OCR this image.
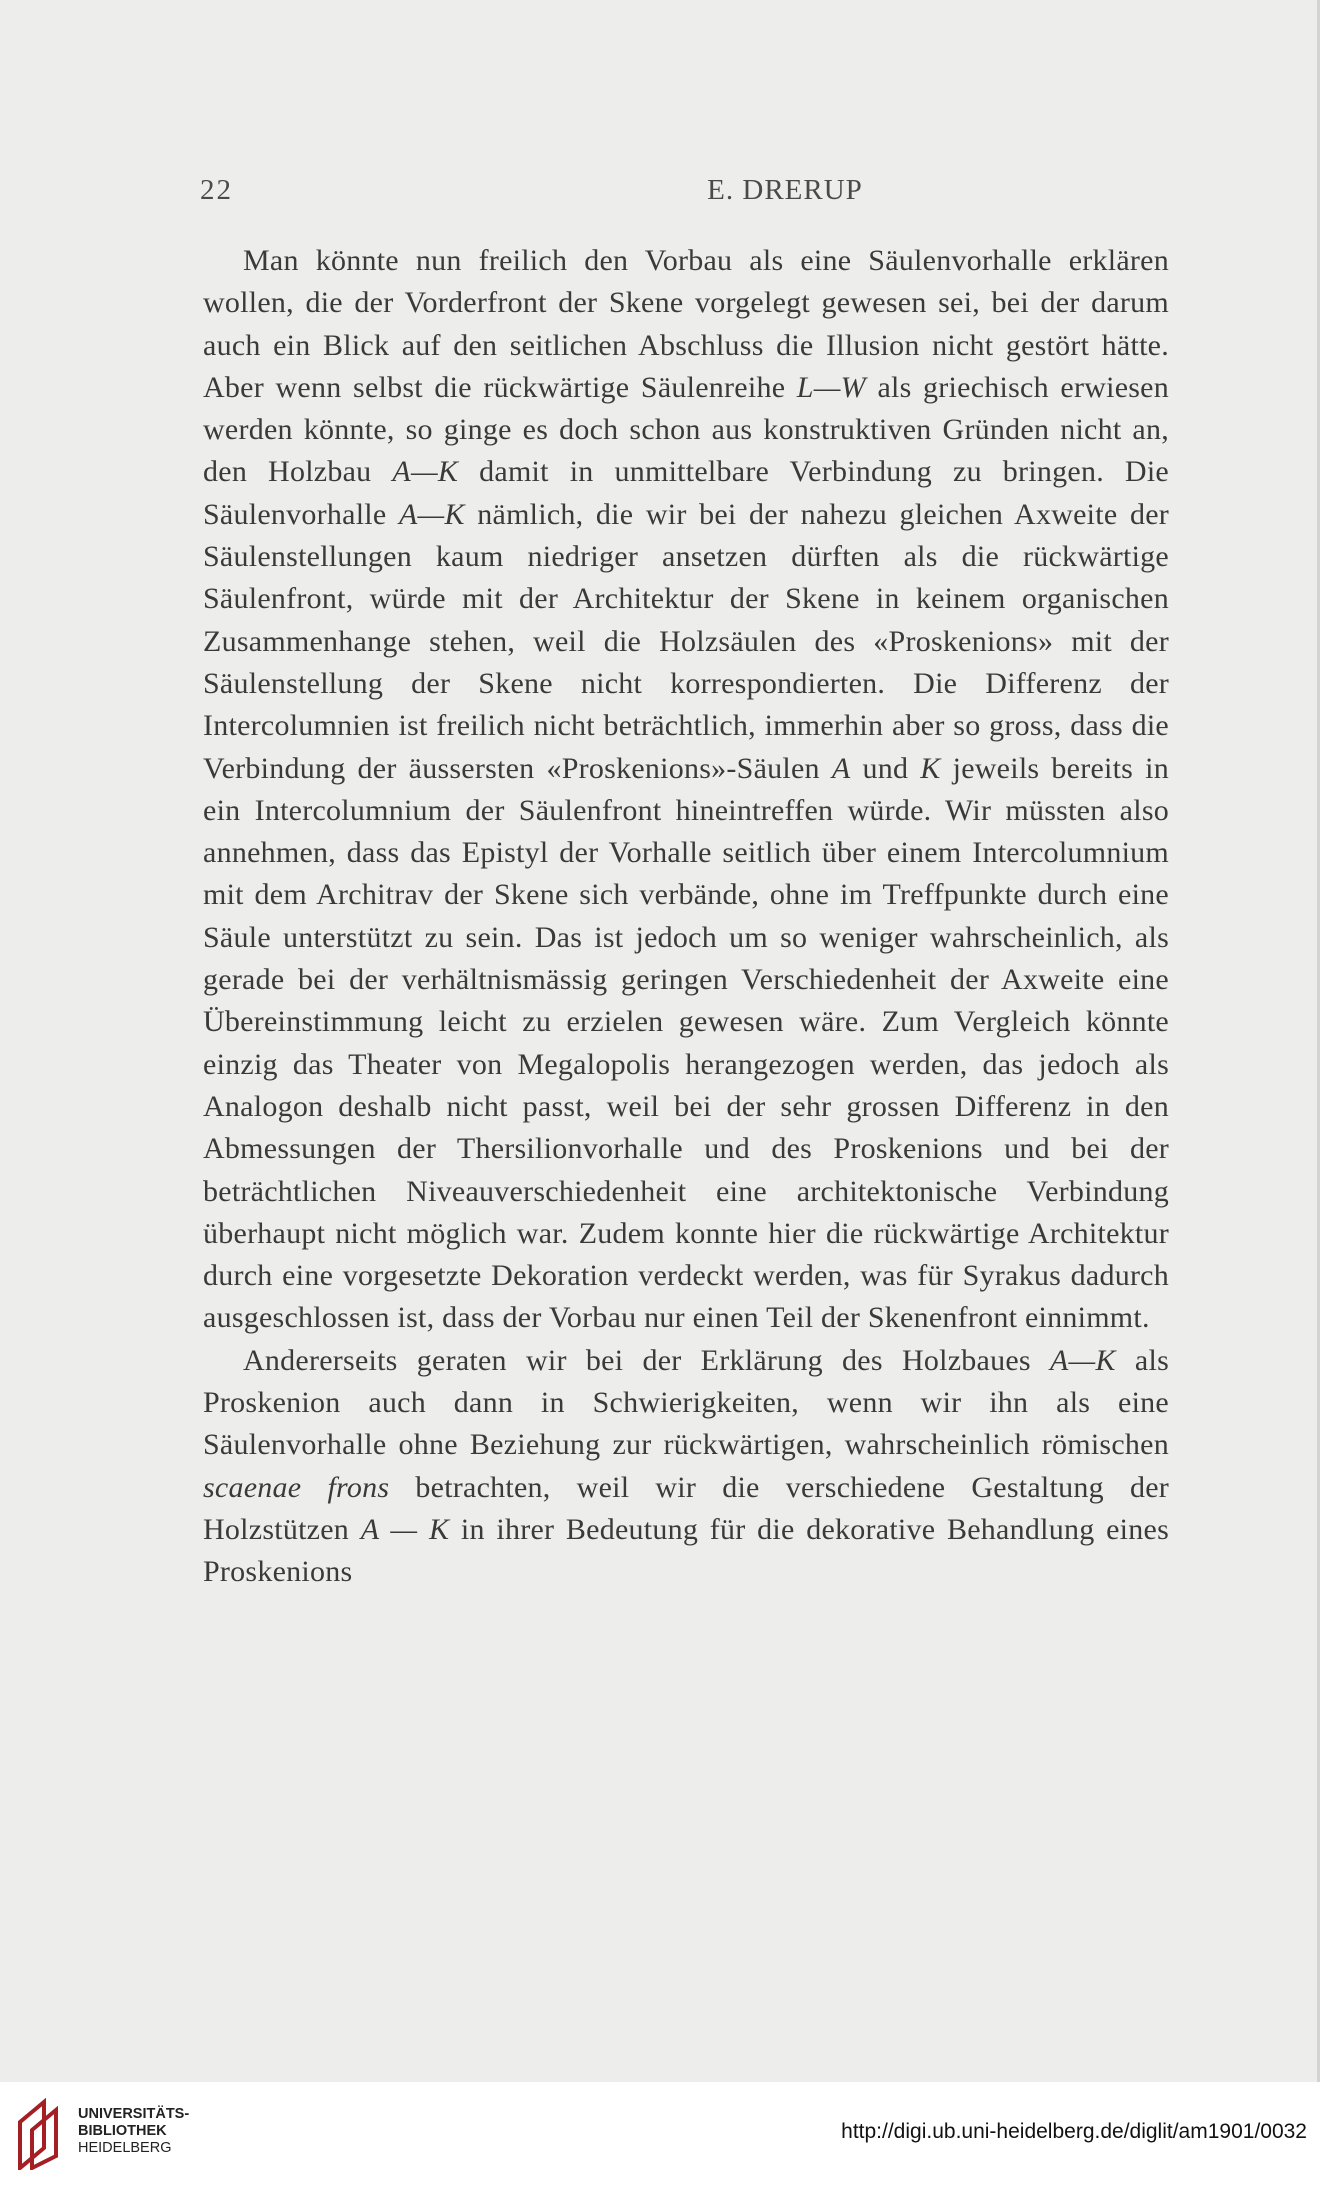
22	E. DRERUP

Man könnte nun freilich den Vorbau als eine Säulenvorhalle erklären wollen, die der Vorderfront der Skene vorgelegt gewesen sei, bei der darum auch ein Blick auf den seitlichen Abschluss die Illusion nicht gestört hätte. Aber wenn selbst die rückwärtige Säulenreihe L—W als griechisch erwiesen werden könnte, so ginge es doch schon aus konstruktiven Gründen nicht an, den Holzbau A—K damit in unmittelbare Verbindung zu bringen. Die Säulenvorhalle A—K nämlich, die wir bei der nahezu gleichen Axweite der Säulenstellungen kaum niedriger ansetzen dürften als die rückwärtige Säulenfront, würde mit der Architektur der Skene in keinem organischen Zusammenhange stehen, weil die Holzsäulen des «Proskenions» mit der Säulenstellung der Skene nicht korrespondierten. Die Differenz der Intercolumnien ist freilich nicht beträchtlich, immerhin aber so gross, dass die Verbindung der äussersten «Proskenions»-Säulen A und K jeweils bereits in ein Intercolumnium der Säulenfront hineintreffen würde. Wir müssten also annehmen, dass das Epistyl der Vorhalle seitlich über einem Intercolumnium mit dem Architrav der Skene sich verbände, ohne im Treffpunkte durch eine Säule unterstützt zu sein. Das ist jedoch um so weniger wahrscheinlich, als gerade bei der verhältnismässig geringen Verschiedenheit der Axweite eine Übereinstimmung leicht zu erzielen gewesen wäre. Zum Vergleich könnte einzig das Theater von Megalopolis herangezogen werden, das jedoch als Analogon deshalb nicht passt, weil bei der sehr grossen Differenz in den Abmessungen der Thersilionvorhalle und des Proskenions und bei der beträchtlichen Niveauverschiedenheit eine architektonische Verbindung überhaupt nicht möglich war. Zudem konnte hier die rückwärtige Architektur durch eine vorgesetzte Dekoration verdeckt werden, was für Syrakus dadurch ausgeschlossen ist, dass der Vorbau nur einen Teil der Skenenfront einnimmt.

Andererseits geraten wir bei der Erklärung des Holzbaues A—K als Proskenion auch dann in Schwierigkeiten, wenn wir ihn als eine Säulenvorhalle ohne Beziehung zur rückwärtigen, wahrscheinlich römischen scaenae frons betrachten, weil wir die verschiedene Gestaltung der Holzstützen A — K in ihrer Bedeutung für die dekorative Behandlung eines Proskenions

UNIVERSITÄTS-
BIBLIOTHEK
HEIDELBERG
http://digi.ub.uni-heidelberg.de/diglit/am1901/0032
